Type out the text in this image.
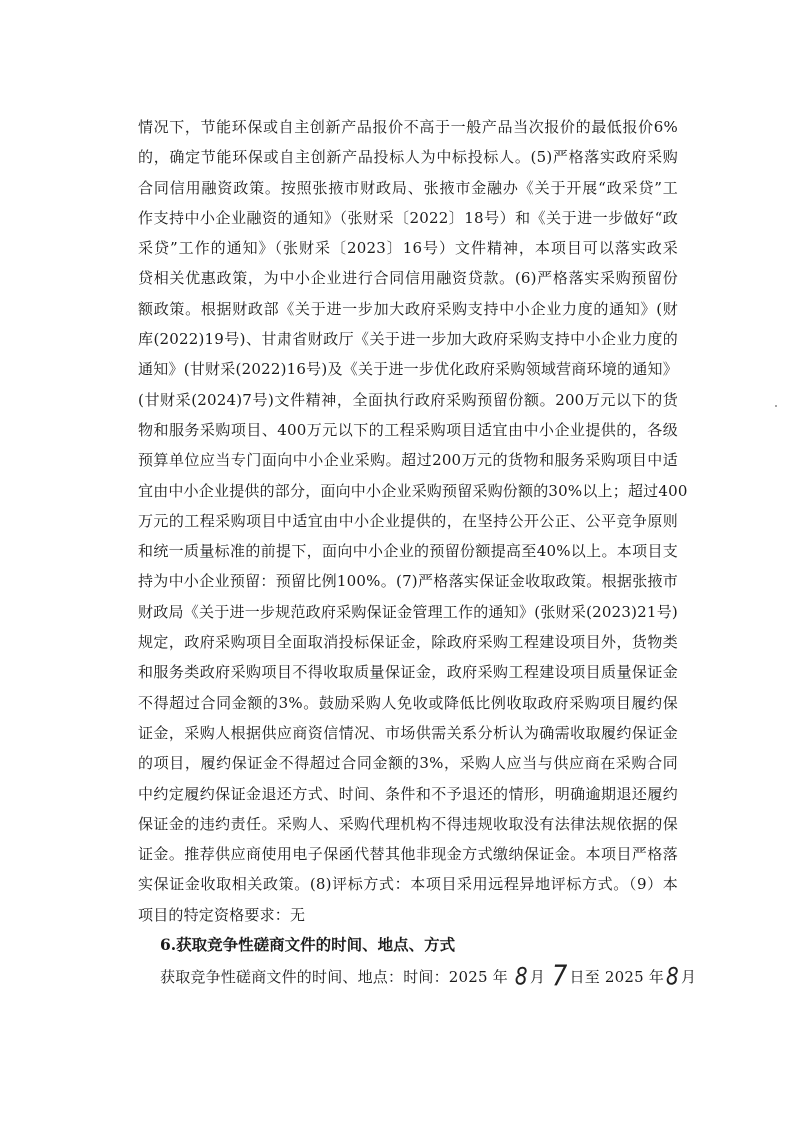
情况下，节能环保或自主创新产品报价不高于一般产品当次报价的最低报价6%

的，确定节能环保或自主创新产品投标人为中标投标人。(5)严格落实政府采购

合同信用融资政策。按照张掖市财政局、张掖市金融办《关于开展“政采贷”工

作支持中小企业融资的通知》（张财采〔2022〕18号）和《关于进一步做好“政

采贷”工作的通知》（张财采〔2023〕16号）文件精神，本项目可以落实政采

贷相关优惠政策，为中小企业进行合同信用融资贷款。(6)严格落实采购预留份

额政策。根据财政部《关于进一步加大政府采购支持中小企业力度的通知》(财

库(2022)19号)、甘肃省财政厅《关于进一步加大政府采购支持中小企业力度的

通知》(甘财采(2022)16号)及《关于进一步优化政府采购领域营商环境的通知》

(甘财采(2024)7号)文件精神，全面执行政府采购预留份额。200万元以下的货

物和服务采购项目、400万元以下的工程采购项目适宜由中小企业提供的，各级

预算单位应当专门面向中小企业采购。超过200万元的货物和服务采购项目中适

宜由中小企业提供的部分，面向中小企业采购预留采购份额的30%以上；超过400

万元的工程采购项目中适宜由中小企业提供的，在坚持公开公正、公平竞争原则

和统一质量标准的前提下，面向中小企业的预留份额提高至40%以上。本项目支

持为中小企业预留：预留比例100%。(7)严格落实保证金收取政策。根据张掖市

财政局《关于进一步规范政府采购保证金管理工作的通知》(张财采(2023)21号)

规定，政府采购项目全面取消投标保证金，除政府采购工程建设项目外，货物类

和服务类政府采购项目不得收取质量保证金，政府采购工程建设项目质量保证金

不得超过合同金额的3%。鼓励采购人免收或降低比例收取政府采购项目履约保

证金，采购人根据供应商资信情况、市场供需关系分析认为确需收取履约保证金

的项目，履约保证金不得超过合同金额的3%，采购人应当与供应商在采购合同

中约定履约保证金退还方式、时间、条件和不予退还的情形，明确逾期退还履约

保证金的违约责任。采购人、采购代理机构不得违规收取没有法律法规依据的保

证金。推荐供应商使用电子保函代替其他非现金方式缴纳保证金。本项目严格落

实保证金收取相关政策。(8)评标方式：本项目采用远程异地评标方式。（9）本

项目的特定资格要求：无

6.获取竞争性磋商文件的时间、地点、方式

获取竞争性磋商文件的时间、地点：时间：2025 年 8 月 7 日至 2025 年 8 月
